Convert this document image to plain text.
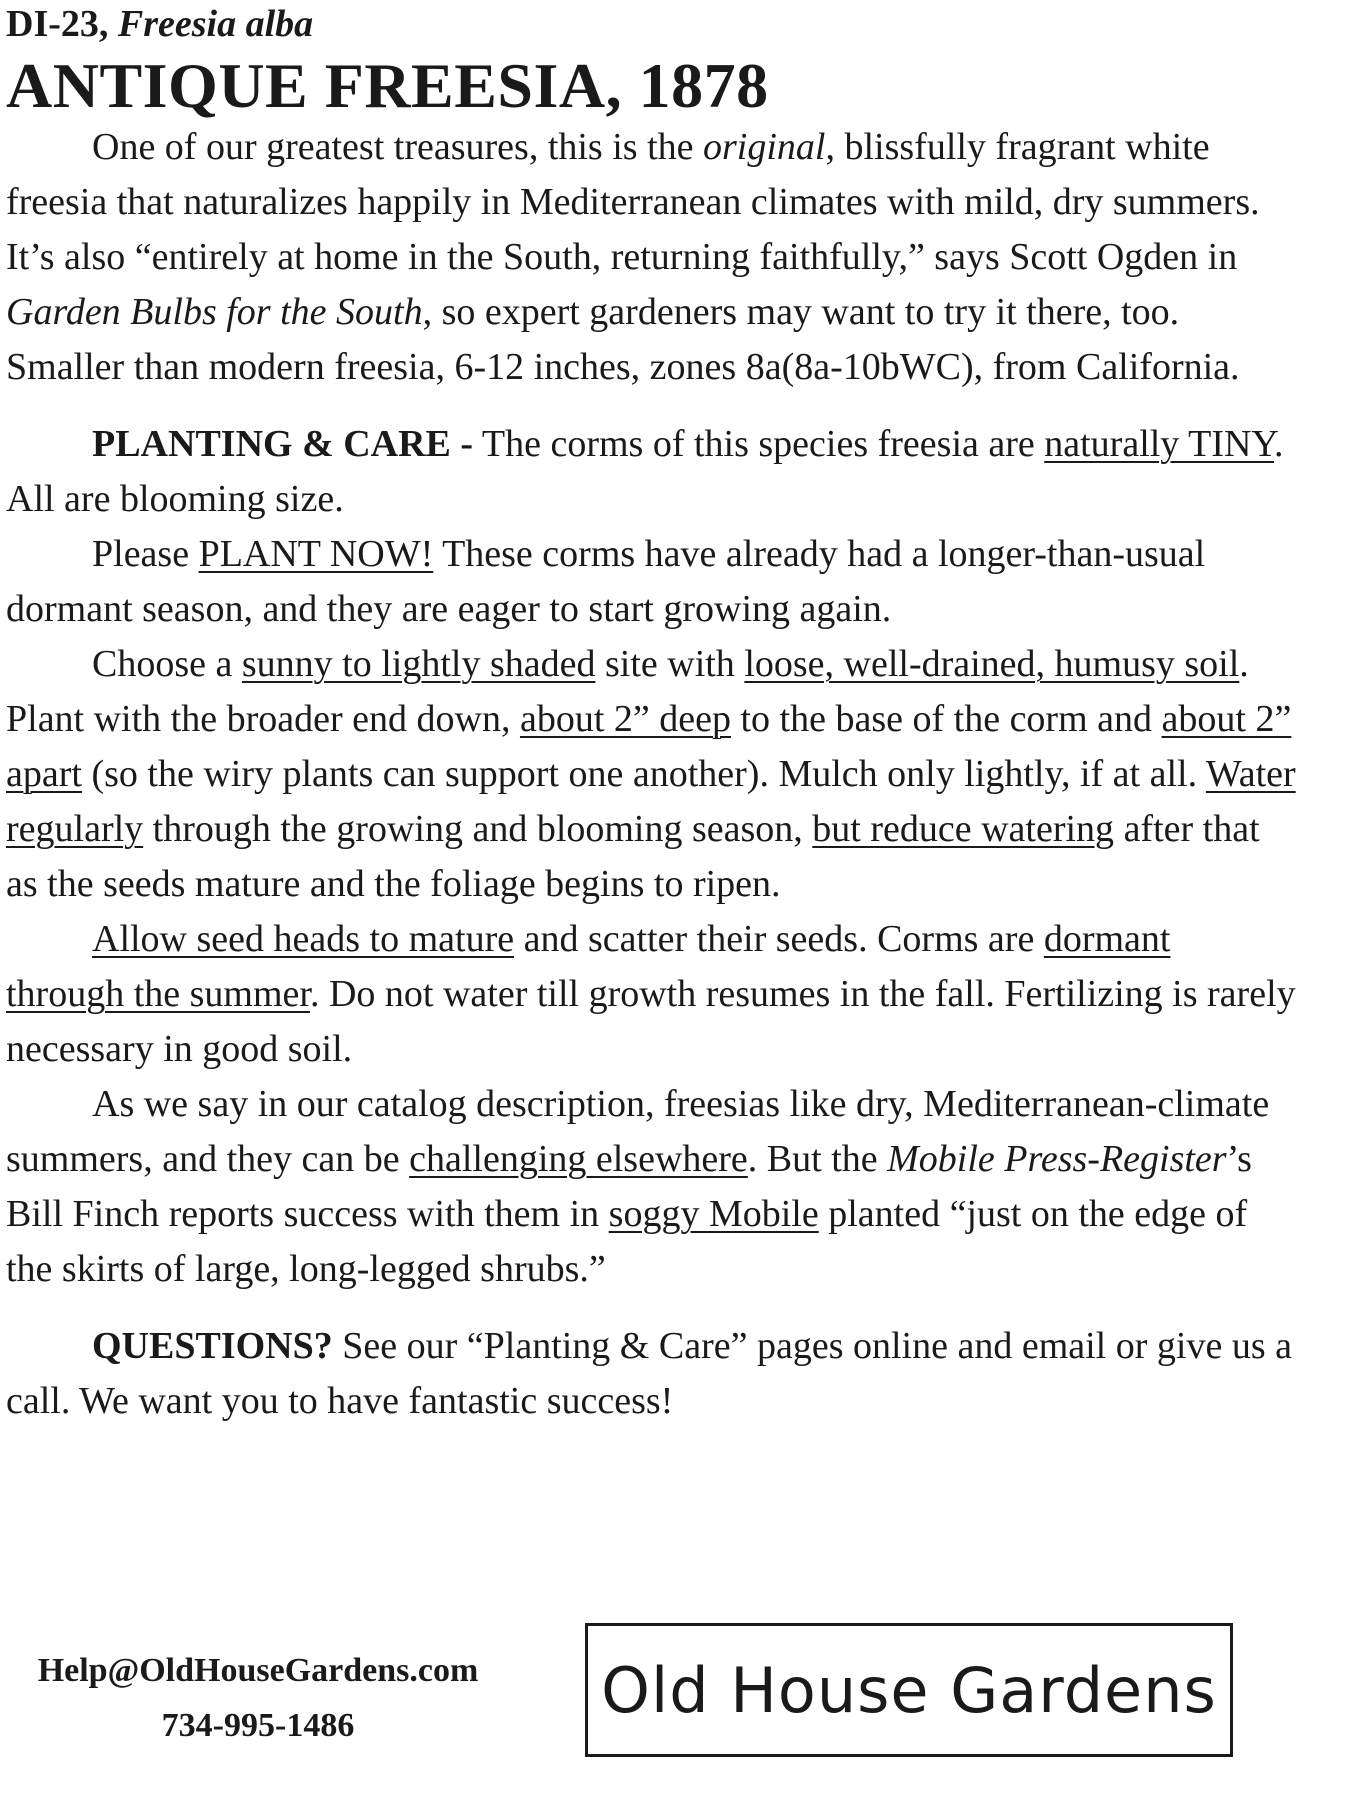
DI-23, Freesia alba

ANTIQUE FREESIA, 1878

One of our greatest treasures, this is the original, blissfully fragrant white freesia that naturalizes happily in Mediterranean climates with mild, dry summers. It’s also “entirely at home in the South, returning faithfully,” says Scott Ogden in Garden Bulbs for the South, so expert gardeners may want to try it there, too. Smaller than modern freesia, 6-12 inches, zones 8a(8a-10bWC), from California.

PLANTING & CARE - The corms of this species freesia are naturally TINY. All are blooming size.

Please PLANT NOW! These corms have already had a longer-than-usual dormant season, and they are eager to start growing again.

Choose a sunny to lightly shaded site with loose, well-drained, humusy soil. Plant with the broader end down, about 2” deep to the base of the corm and about 2” apart (so the wiry plants can support one another). Mulch only lightly, if at all. Water regularly through the growing and blooming season, but reduce watering after that as the seeds mature and the foliage begins to ripen.

Allow seed heads to mature and scatter their seeds. Corms are dormant through the summer. Do not water till growth resumes in the fall. Fertilizing is rarely necessary in good soil.

As we say in our catalog description, freesias like dry, Mediterranean-climate summers, and they can be challenging elsewhere. But the Mobile Press-Register’s Bill Finch reports success with them in soggy Mobile planted “just on the edge of the skirts of large, long-legged shrubs.”

QUESTIONS? See our “Planting & Care” pages online and email or give us a call. We want you to have fantastic success!

Help@OldHouseGardens.com
734-995-1486	Old House Gardens
